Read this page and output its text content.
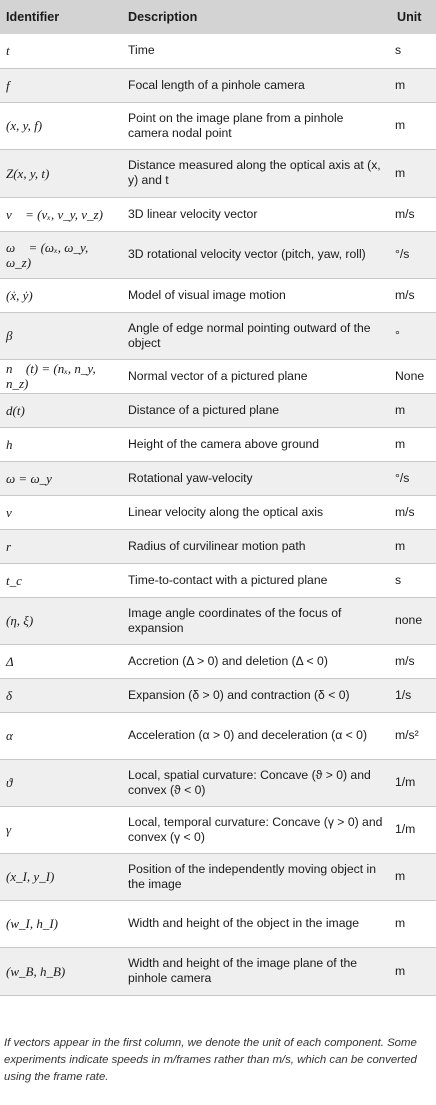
Identifier	Description	Unit
t	Time	s
f	Focal length of a pinhole camera	m
(x, y, f)	Point on the image plane from a pinhole camera nodal point	m
Z(x, y, t)	Distance measured along the optical axis at (x, y) and t	m
v⃗ = (vₓ, v_y, v_z)	3D linear velocity vector	m/s
ω⃗ = (ωₓ, ω_y, ω_z)	3D rotational velocity vector (pitch, yaw, roll)	°/s
(ẋ, ẏ)	Model of visual image motion	m/s
β	Angle of edge normal pointing outward of the object	°
n⃗ (t) = (nₓ, n_y, n_z)	Normal vector of a pictured plane	None
d(t)	Distance of a pictured plane	m
h	Height of the camera above ground	m
ω = ω_y	Rotational yaw-velocity	°/s
v	Linear velocity along the optical axis	m/s
r	Radius of curvilinear motion path	m
t_c	Time-to-contact with a pictured plane	s
(η, ξ)	Image angle coordinates of the focus of expansion	none
Δ	Accretion (Δ > 0) and deletion (Δ < 0)	m/s
δ	Expansion (δ > 0) and contraction (δ < 0)	1/s
α	Acceleration (α > 0) and deceleration (α < 0)	m/s²
ϑ	Local, spatial curvature: Concave (ϑ > 0) and convex (ϑ < 0)	1/m
γ	Local, temporal curvature: Concave (γ > 0) and convex (γ < 0)	1/m
(x_I, y_I)	Position of the independently moving object in the image	m
(w_I, h_I)	Width and height of the object in the image	m
(w_B, h_B)	Width and height of the image plane of the pinhole camera	m
If vectors appear in the first column, we denote the unit of each component. Some experiments indicate speeds in m/frames rather than m/s, which can be converted using the frame rate.
